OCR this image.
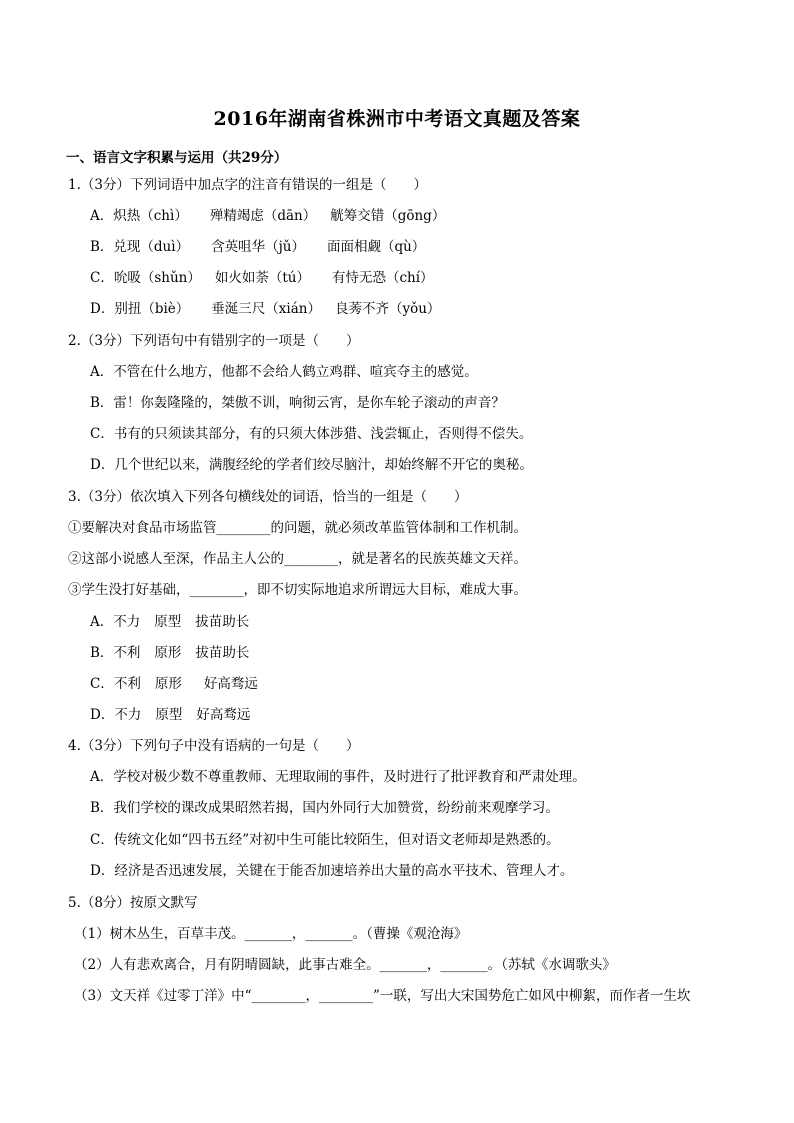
2016年湖南省株洲市中考语文真题及答案
一、语言文字积累与运用（共29分）
1.（3分）下列词语中加点字的注音有错误的一组是（　　）
A．炽热（chì） 殚精竭虑（dān） 觥筹交错（gōng）
B．兑现（duì） 含英咀华（jǔ） 面面相觑（qù）
C．吮吸（shǔn） 如火如荼（tú） 有恃无恐（chí）
D．别扭（biè） 垂涎三尺（xián） 良莠不齐（yǒu）
2.（3分）下列语句中有错别字的一项是（　　）
A．不管在什么地方，他都不会给人鹤立鸡群、喧宾夺主的感觉。
B．雷！你轰隆隆的，桀傲不训，响彻云宵，是你车轮子滚动的声音？
C．书有的只须读其部分，有的只须大体涉猎、浅尝辄止，否则得不偿失。
D．几个世纪以来，满腹经纶的学者们绞尽脑汁，却始终解不开它的奥秘。
3.（3分）依次填入下列各句横线处的词语，恰当的一组是（　　）
①要解决对食品市场监管________的问题，就必须改革监管体制和工作机制。
②这部小说感人至深，作品主人公的________，就是著名的民族英雄文天祥。
③学生没打好基础，________，即不切实际地追求所谓远大目标，难成大事。
A．不力 原型 拔苗助长
B．不利 原形 拔苗助长
C．不利 原形 好高骛远
D．不力 原型 好高骛远
4.（3分）下列句子中没有语病的一句是（　　）
A．学校对极少数不尊重教师、无理取闹的事件，及时进行了批评教育和严肃处理。
B．我们学校的课改成果昭然若揭，国内外同行大加赞赏，纷纷前来观摩学习。
C．传统文化如“四书五经”对初中生可能比较陌生，但对语文老师却是熟悉的。
D．经济是否迅速发展，关键在于能否加速培养出大量的高水平技术、管理人才。
5.（8分）按原文默写
（1）树木丛生，百草丰茂。_______，_______。（曹操《观沧海》
（2）人有悲欢离合，月有阴晴圆缺，此事古难全。_______，_______。（苏轼《水调歌头》
（3）文天祥《过零丁洋》中“________，________”一联，写出大宋国势危亡如风中柳絮，而作者一生坎
